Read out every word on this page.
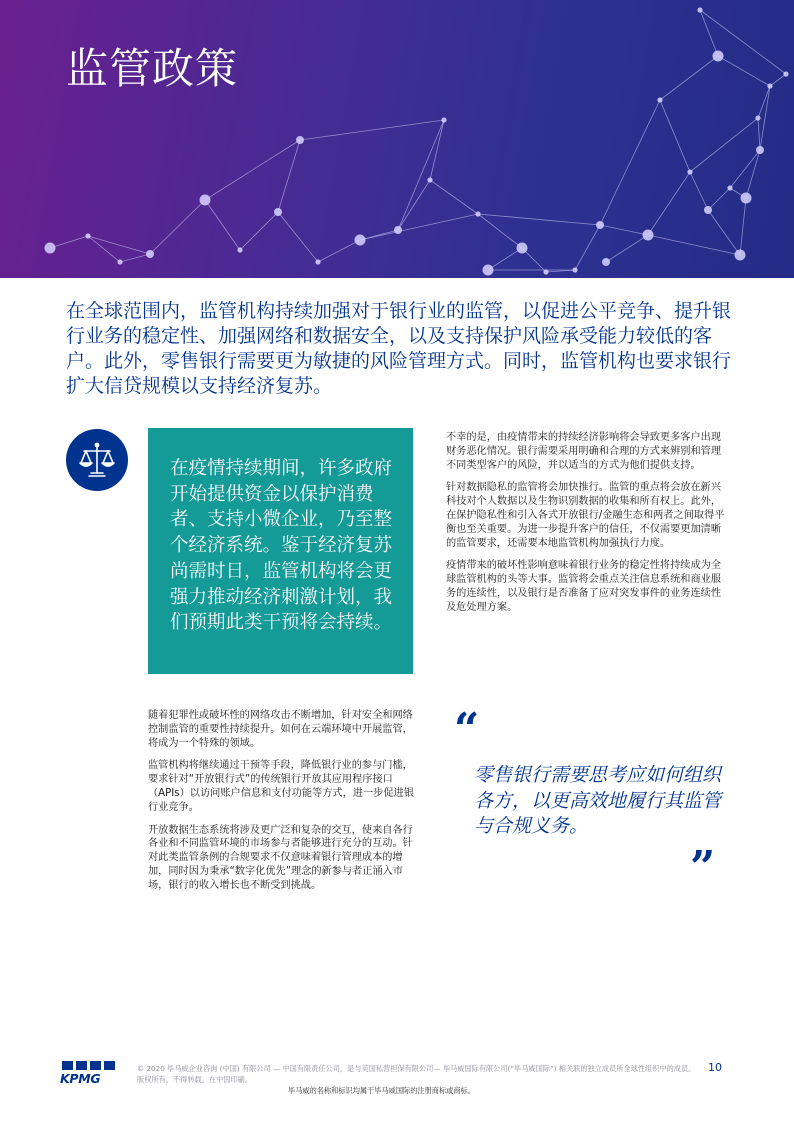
监管政策

在全球范围内，监管机构持续加强对于银行业的监管，以促进公平竞争、提升银行业务的稳定性、加强网络和数据安全，以及支持保护风险承受能力较低的客户。此外，零售银行需要更为敏捷的风险管理方式。同时，监管机构也要求银行扩大信贷规模以支持经济复苏。

在疫情持续期间，许多政府开始提供资金以保护消费者、支持小微企业，乃至整个经济系统。鉴于经济复苏尚需时日，监管机构将会更强力推动经济刺激计划，我们预期此类干预将会持续。

不幸的是，由疫情带来的持续经济影响将会导致更多客户出现财务恶化情况。银行需要采用明确和合理的方式来辨别和管理不同类型客户的风险，并以适当的方式为他们提供支持。

针对数据隐私的监管将会加快推行。监管的重点将会放在新兴科技对个人数据以及生物识别数据的收集和所有权上。此外，在保护隐私性和引入各式开放银行/金融生态和两者之间取得平衡也至关重要。为进一步提升客户的信任，不仅需要更加清晰的监管要求，还需要本地监管机构加强执行力度。

疫情带来的破坏性影响意味着银行业务的稳定性将持续成为全球监管机构的头等大事。监管将会重点关注信息系统和商业服务的连续性，以及银行是否准备了应对突发事件的业务连续性及危处理方案。

随着犯罪性或破坏性的网络攻击不断增加，针对安全和网络控制监管的重要性持续提升。如何在云端环境中开展监管，将成为一个特殊的领域。

监管机构将继续通过干预等手段，降低银行业的参与门槛，要求针对“开放银行式”的传统银行开放其应用程序接口（APIs）以访问账户信息和支付功能等方式，进一步促进银行业竞争。

开放数据生态系统将涉及更广泛和复杂的交互，使来自各行各业和不同监管环境的市场参与者能够进行充分的互动。针对此类监管条例的合规要求不仅意味着银行管理成本的增加，同时因为秉承“数字化优先”理念的新参与者正涌入市场，银行的收入增长也不断受到挑战。

“

零售银行需要思考应如何组织各方，以更高效地履行其监管与合规义务。

”
KPMG

© 2020 毕马威企业咨询 (中国) 有限公司 — 中国有限责任公司，是与英国私营担保有限公司— 毕马威国际有限公司(“毕马威国际”) 相关联的独立成员所全球性组织中的成员。版权所有，不得转载。在中国印刷。

10

毕马威的名称和标识均属于毕马威国际的注册商标或商标。
